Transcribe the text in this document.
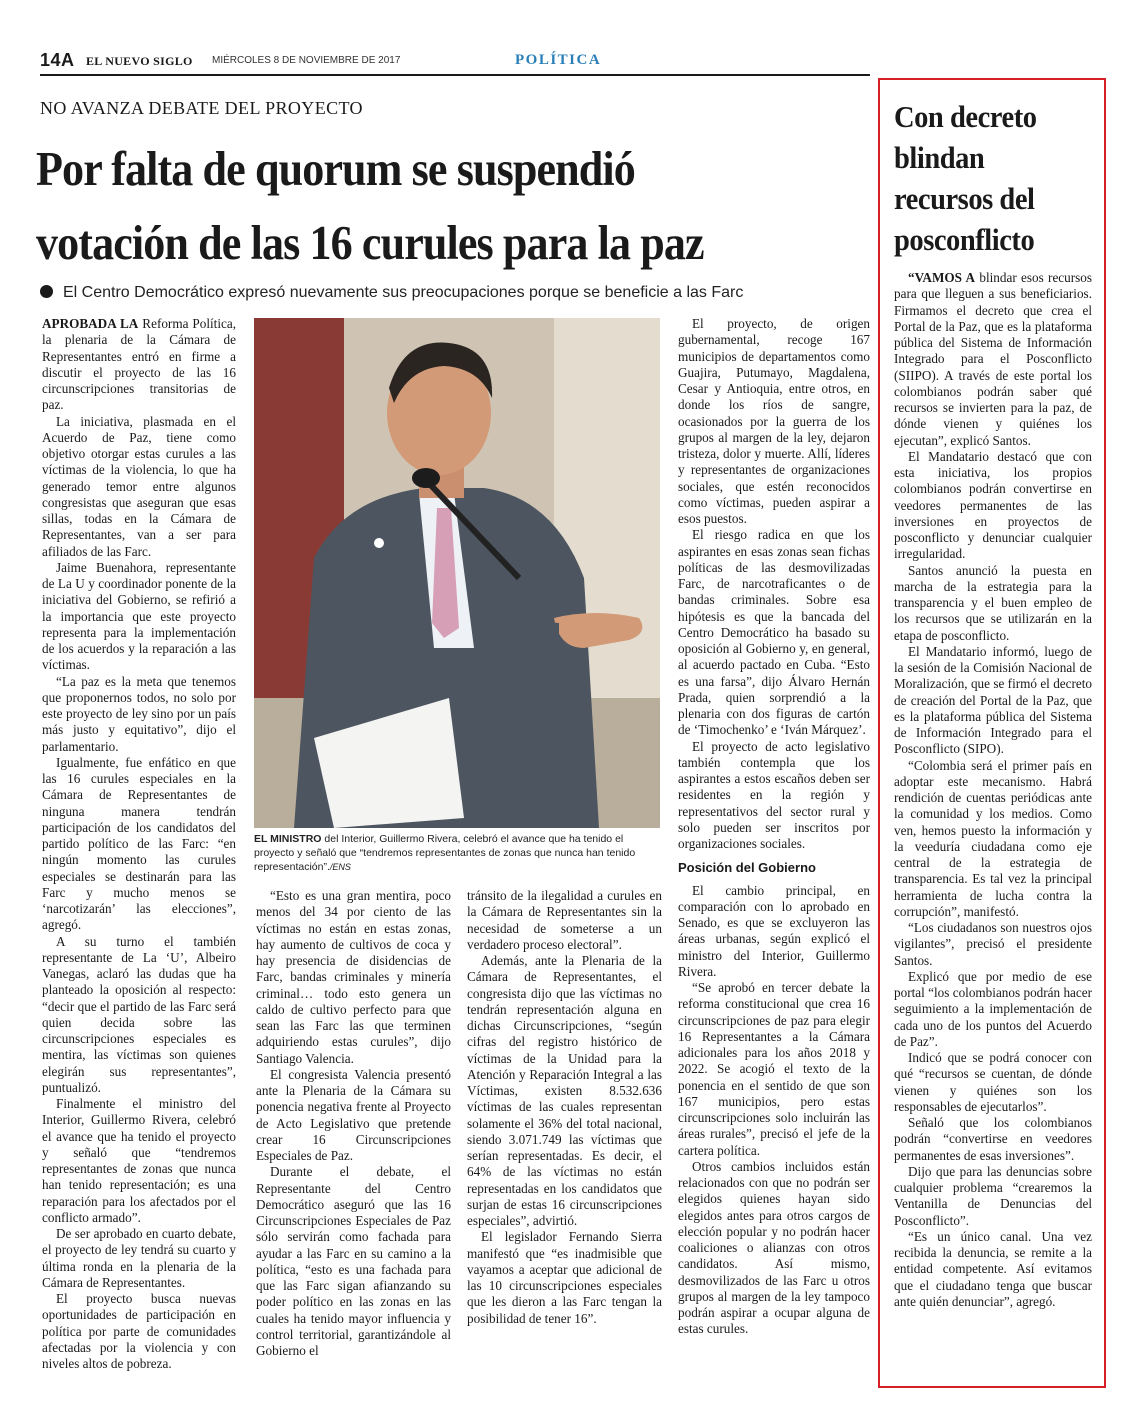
14A EL NUEVO SIGLO MIÉRCOLES 8 DE NOVIEMBRE DE 2017	POLÍTICA
NO AVANZA DEBATE DEL PROYECTO
Por falta de quorum se suspendió
votación de las 16 curules para la paz
El Centro Democrático expresó nuevamente sus preocupaciones porque se beneficie a las Farc

APROBADA LA Reforma Política, la plenaria de la Cámara de Representantes entró en firme a discutir el proyecto de las 16 circunscripciones transitorias de paz.

La iniciativa, plasmada en el Acuerdo de Paz, tiene como objetivo otorgar estas curules a las víctimas de la violencia, lo que ha generado temor entre algunos congresistas que aseguran que esas sillas, todas en la Cámara de Representantes, van a ser para afiliados de las Farc.

Jaime Buenahora, representante de La U y coordinador ponente de la iniciativa del Gobierno, se refirió a la importancia que este proyecto representa para la implementación de los acuerdos y la reparación a las víctimas.

“La paz es la meta que tenemos que proponernos todos, no solo por este proyecto de ley sino por un país más justo y equitativo”, dijo el parlamentario.

Igualmente, fue enfático en que las 16 curules especiales en la Cámara de Representantes de ninguna manera tendrán participación de los candidatos del partido político de las Farc: “en ningún momento las curules especiales se destinarán para las Farc y mucho menos se ‘narcotizarán’ las elecciones”, agregó.

A su turno el también representante de La ‘U’, Albeiro Vanegas, aclaró las dudas que ha planteado la oposición al respecto: “decir que el partido de las Farc será quien decida sobre las circunscripciones especiales es mentira, las víctimas son quienes elegirán sus representantes”, puntualizó.

Finalmente el ministro del Interior, Guillermo Rivera, celebró el avance que ha tenido el proyecto y señaló que “tendremos representantes de zonas que nunca han tenido representación; es una reparación para los afectados por el conflicto armado”.

De ser aprobado en cuarto debate, el proyecto de ley tendrá su cuarto y última ronda en la plenaria de la Cámara de Representantes.

El proyecto busca nuevas oportunidades de participación en política por parte de comunidades afectadas por la violencia y con niveles altos de pobreza.

EL MINISTRO del Interior, Guillermo Rivera, celebró el avance que ha tenido el proyecto y señaló que “tendremos representantes de zonas que nunca han tenido representación”./ENS

“Esto es una gran mentira, poco menos del 34 por ciento de las víctimas no están en estas zonas, hay aumento de cultivos de coca y hay presencia de disidencias de Farc, bandas criminales y minería criminal… todo esto genera un caldo de cultivo perfecto para que sean las Farc las que terminen adquiriendo estas curules”, dijo Santiago Valencia.

El congresista Valencia presentó ante la Plenaria de la Cámara su ponencia negativa frente al Proyecto de Acto Legislativo que pretende crear 16 Circunscripciones Especiales de Paz.

Durante el debate, el Representante del Centro Democrático aseguró que las 16 Circunscripciones Especiales de Paz sólo servirán como fachada para ayudar a las Farc en su camino a la política, “esto es una fachada para que las Farc sigan afianzando su poder político en las zonas en las cuales ha tenido mayor influencia y control territorial, garantizándole al Gobierno el

tránsito de la ilegalidad a curules en la Cámara de Representantes sin la necesidad de someterse a un verdadero proceso electoral”.

Además, ante la Plenaria de la Cámara de Representantes, el congresista dijo que las víctimas no tendrán representación alguna en dichas Circunscripciones, “según cifras del registro histórico de víctimas de la Unidad para la Atención y Reparación Integral a las Víctimas, existen 8.532.636 víctimas de las cuales representan solamente el 36% del total nacional, siendo 3.071.749 las víctimas que serían representadas. Es decir, el 64% de las víctimas no están representadas en los candidatos que surjan de estas 16 circunscripciones especiales”, advirtió.

El legislador Fernando Sierra manifestó que “es inadmisible que vayamos a aceptar que adicional de las 10 circunscripciones especiales que les dieron a las Farc tengan la posibilidad de tener 16”.

El proyecto, de origen gubernamental, recoge 167 municipios de departamentos como Guajira, Putumayo, Magdalena, Cesar y Antioquia, entre otros, en donde los ríos de sangre, ocasionados por la guerra de los grupos al margen de la ley, dejaron tristeza, dolor y muerte. Allí, líderes y representantes de organizaciones sociales, que estén reconocidos como víctimas, pueden aspirar a esos puestos.

El riesgo radica en que los aspirantes en esas zonas sean fichas políticas de las desmovilizadas Farc, de narcotraficantes o de bandas criminales. Sobre esa hipótesis es que la bancada del Centro Democrático ha basado su oposición al Gobierno y, en general, al acuerdo pactado en Cuba. “Esto es una farsa”, dijo Álvaro Hernán Prada, quien sorprendió a la plenaria con dos figuras de cartón de ‘Timochenko’ e ‘Iván Márquez’.

El proyecto de acto legislativo también contempla que los aspirantes a estos escaños deben ser residentes en la región y representativos del sector rural y solo pueden ser inscritos por organizaciones sociales.

Posición del Gobierno

El cambio principal, en comparación con lo aprobado en Senado, es que se excluyeron las áreas urbanas, según explicó el ministro del Interior, Guillermo Rivera.

“Se aprobó en tercer debate la reforma constitucional que crea 16 circunscripciones de paz para elegir 16 Representantes a la Cámara adicionales para los años 2018 y 2022. Se acogió el texto de la ponencia en el sentido de que son 167 municipios, pero estas circunscripciones solo incluirán las áreas rurales”, precisó el jefe de la cartera política.

Otros cambios incluidos están relacionados con que no podrán ser elegidos quienes hayan sido elegidos antes para otros cargos de elección popular y no podrán hacer coaliciones o alianzas con otros candidatos. Así mismo, desmovilizados de las Farc u otros grupos al margen de la ley tampoco podrán aspirar a ocupar alguna de estas curules.

Con decreto
blindan
recursos del
posconflicto

“VAMOS A blindar esos recursos para que lleguen a sus beneficiarios. Firmamos el decreto que crea el Portal de la Paz, que es la plataforma pública del Sistema de Información Integrado para el Posconflicto (SIIPO). A través de este portal los colombianos podrán saber qué recursos se invierten para la paz, de dónde vienen y quiénes los ejecutan”, explicó Santos.

El Mandatario destacó que con esta iniciativa, los propios colombianos podrán convertirse en veedores permanentes de las inversiones en proyectos de posconflicto y denunciar cualquier irregularidad.

Santos anunció la puesta en marcha de la estrategia para la transparencia y el buen empleo de los recursos que se utilizarán en la etapa de posconflicto.

El Mandatario informó, luego de la sesión de la Comisión Nacional de Moralización, que se firmó el decreto de creación del Portal de la Paz, que es la plataforma pública del Sistema de Información Integrado para el Posconflicto (SIPO).

“Colombia será el primer país en adoptar este mecanismo. Habrá rendición de cuentas periódicas ante la comunidad y los medios. Como ven, hemos puesto la información y la veeduría ciudadana como eje central de la estrategia de transparencia. Es tal vez la principal herramienta de lucha contra la corrupción”, manifestó.

“Los ciudadanos son nuestros ojos vigilantes”, precisó el presidente Santos.

Explicó que por medio de ese portal “los colombianos podrán hacer seguimiento a la implementación de cada uno de los puntos del Acuerdo de Paz”.

Indicó que se podrá conocer con qué “recursos se cuentan, de dónde vienen y quiénes son los responsables de ejecutarlos”.

Señaló que los colombianos podrán “convertirse en veedores permanentes de esas inversiones”.

Dijo que para las denuncias sobre cualquier problema “crearemos la Ventanilla de Denuncias del Posconflicto”.

“Es un único canal. Una vez recibida la denuncia, se remite a la entidad competente. Así evitamos que el ciudadano tenga que buscar ante quién denunciar”, agregó.
